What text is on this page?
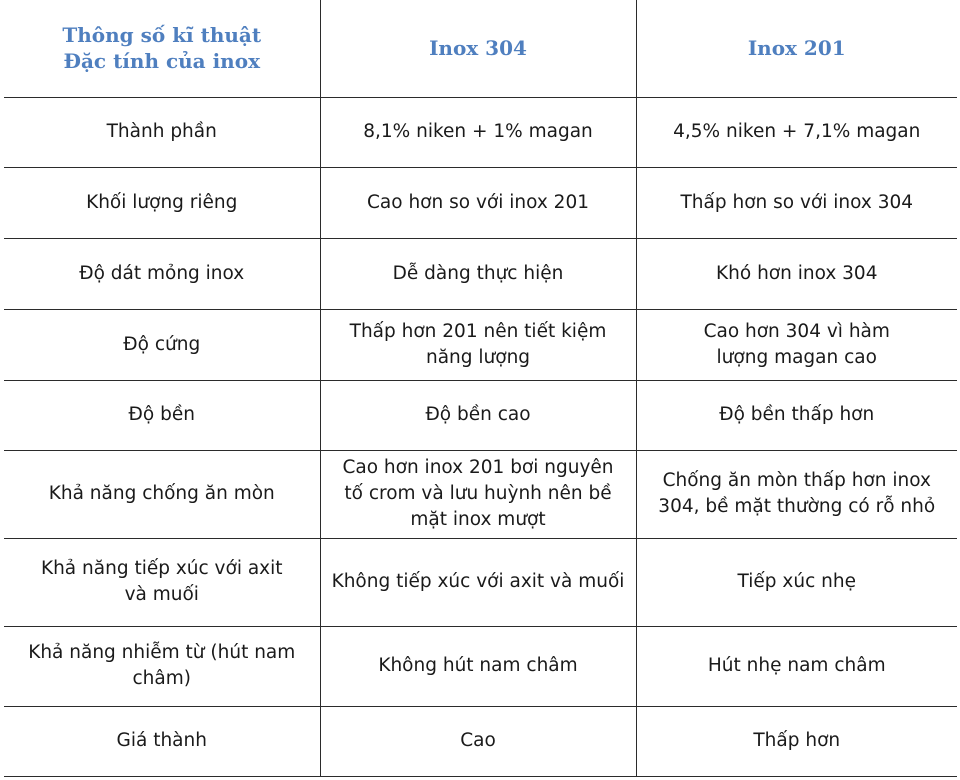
Thông số kĩ thuật
Đặc tính của inox	Inox 304	Inox 201
Thành phần	8,1% niken + 1% magan	4,5% niken + 7,1% magan
Khối lượng riêng	Cao hơn so với inox 201	Thấp hơn so với inox 304
Độ dát mỏng inox	Dễ dàng thực hiện	Khó hơn inox 304
Độ cứng	Thấp hơn 201 nên tiết kiệm năng lượng	Cao hơn 304 vì hàm lượng magan cao
Độ bền	Độ bền cao	Độ bền thấp hơn
Khả năng chống ăn mòn	Cao hơn inox 201 bơi nguyên tố crom và lưu huỳnh nên bề mặt inox mượt	Chống ăn mòn thấp hơn inox 304, bề mặt thường có rỗ nhỏ
Khả năng tiếp xúc với axit và muối	Không tiếp xúc với axit và muối	Tiếp xúc nhẹ
Khả năng nhiễm từ (hút nam châm)	Không hút nam châm	Hút nhẹ nam châm
Giá thành	Cao	Thấp hơn
